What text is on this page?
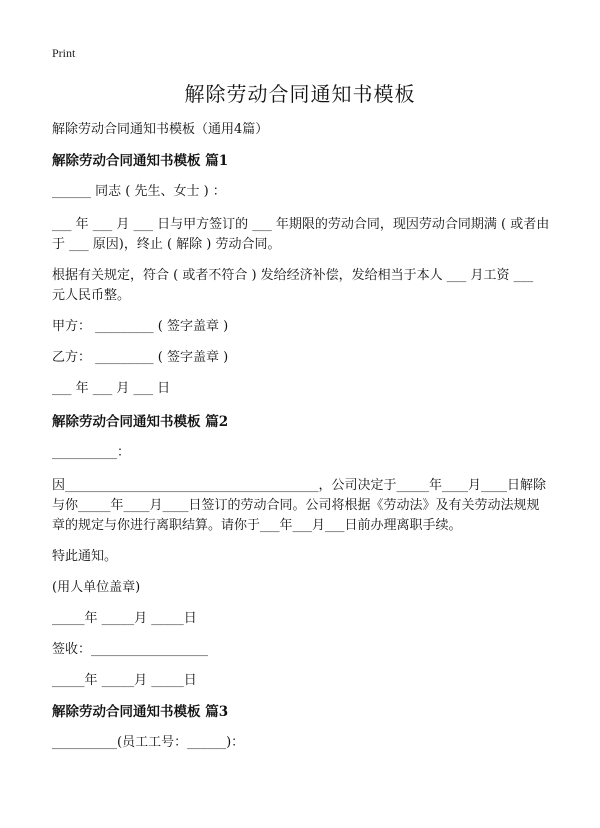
Print
解除劳动合同通知书模板

解除劳动合同通知书模板（通用4篇）

解除劳动合同通知书模板 篇1

______ 同志 ( 先生、女士 ) ：

___ 年 ___ 月 ___ 日与甲方签订的 ___ 年期限的劳动合同，现因劳动合同期满 ( 或者由于 ___ 原因)，终止 ( 解除 ) 劳动合同。

根据有关规定，符合 ( 或者不符合 ) 发给经济补偿，发给相当于本人 ___ 月工资 ___ 元人民币整。

甲方： _________ ( 签字盖章 )

乙方： _________ ( 签字盖章 )

___ 年 ___ 月 ___ 日

解除劳动合同通知书模板 篇2

__________：

因_______________________________________，公司决定于_____年____月____日解除与你_____年____月____日签订的劳动合同。公司将根据《劳动法》及有关劳动法规规章的规定与你进行离职结算。请你于___年___月___日前办理离职手续。

特此通知。

(用人单位盖章)

_____年 _____月 _____日

签收：__________________

_____年 _____月 _____日

解除劳动合同通知书模板 篇3

__________(员工工号：______)：
